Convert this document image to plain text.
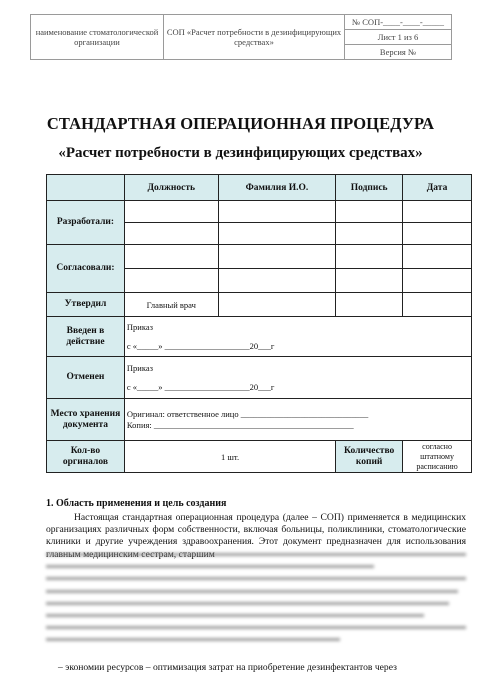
наименование стоматологической организации	СОП «Расчет потребности в дезинфицирующих средствах»	№ СОП-____-____-_____
Лист 1 из 6
Версия №
СТАНДАРТНАЯ ОПЕРАЦИОННАЯ ПРОЦЕДУРА
«Расчет потребности в дезинфицирующих средствах»
	Должность	Фамилия И.О.	Подпись	Дата
Разработали:				

Согласовали:				

Утвердил	Главный врач			
Введен в действие	Приказ
с «_____» ____________________20___г			

Отменен	Приказ
с «_____» ____________________20___г			

Место хранения документа	Оригинал: ответственное лицо ______________________________
Копия: _______________________________________________			

Кол-во оргиналов	1 шт.		Количество копий	согласно штатному расписанию
1. Область применения и цель создания

Настоящая стандартная операционная процедура (далее – СОП) применяется в медицинских организациях различных форм собственности, включая больницы, поликлиники, стоматологические клиники и другие учреждения здравоохранения. Этот документ предназначен для использования

– экономии ресурсов – оптимизация затрат на приобретение дезинфектантов через
